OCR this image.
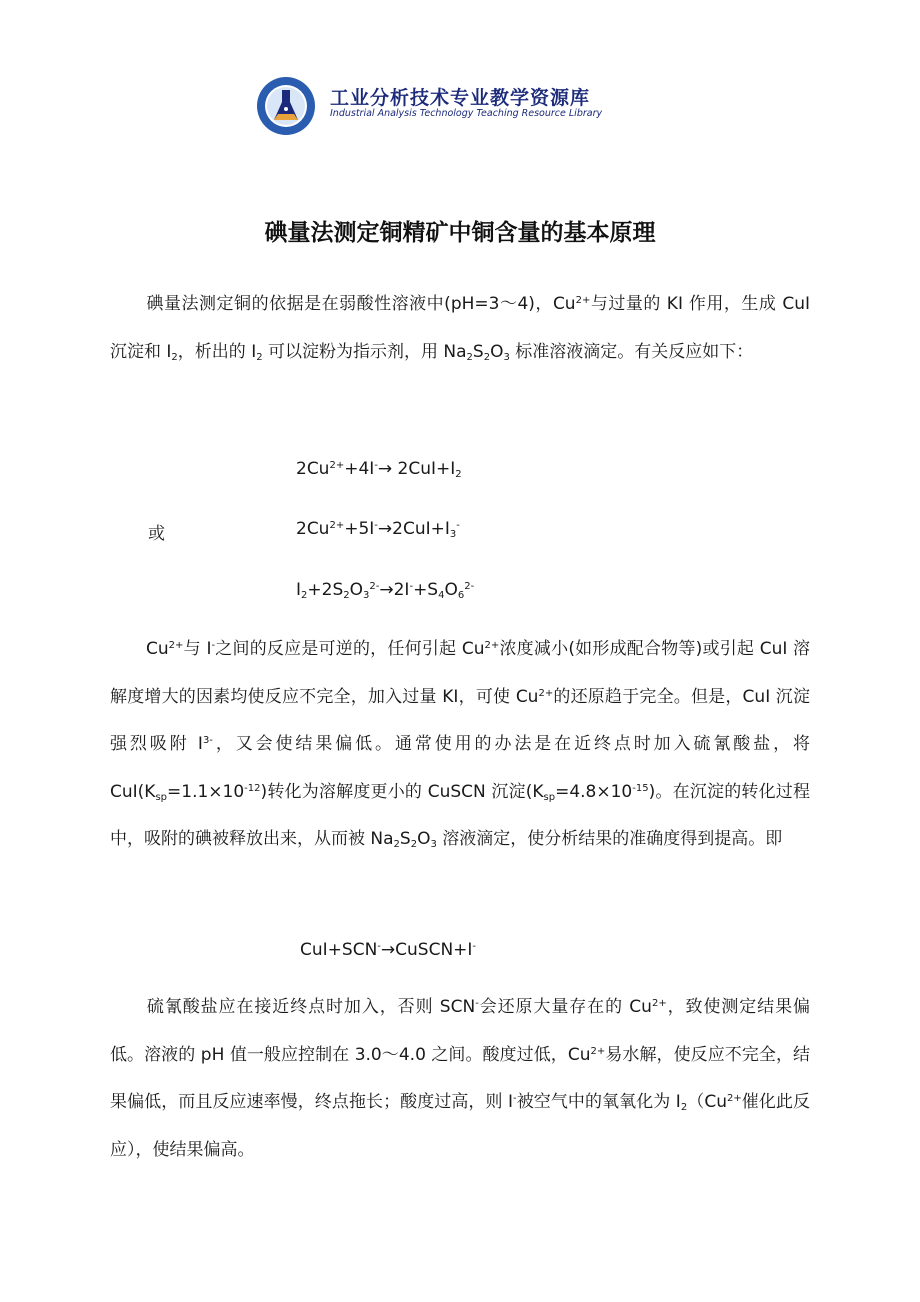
工业分析技术专业教学资源库
Industrial Analysis Technology Teaching Resource Library
碘量法测定铜精矿中铜含量的基本原理
碘量法测定铜的依据是在弱酸性溶液中(pH=3～4)，$Cu^{2+}$与过量的 KI 作用，生成 CuI 沉淀和 $I_2$，析出的 $I_2$ 可以淀粉为指示剂，用 $Na_2S_2O_3$ 标准溶液滴定。有关反应如下：
$2Cu^{2+}+4I^-\to 2CuI+I_2$
或	$2Cu^{2+}+5I^-\to 2CuI+I_3^-$
$I_2+2S_2O_3^{2-}\to 2I^-+S_4O_6^{2-}$
$Cu^{2+}$与 I-之间的反应是可逆的，任何引起 $Cu^{2+}$浓度减小(如形成配合物等)或引起 CuI 溶解度增大的因素均使反应不完全，加入过量 KI，可使 $Cu^{2+}$的还原趋于完全。但是，CuI 沉淀强烈吸附 $I^{3-}$，又会使结果偏低。通常使用的办法是在近终点时加入硫氰酸盐，将 $CuI(K_{sp}=1.1\times 10^{-12})$转化为溶解度更小的 CuSCN 沉淀$(K_{sp}=4.8\times 10^{-15})$。在沉淀的转化过程中，吸附的碘被释放出来，从而被 $Na_2S_2O_3$ 溶液滴定，使分析结果的准确度得到提高。即
CuI+SCN-→CuSCN+I-
硫氰酸盐应在接近终点时加入，否则 SCN-会还原大量存在的 $Cu^{2+}$，致使测定结果偏低。溶液的 pH 值一般应控制在 3.0～4.0 之间。酸度过低，$Cu^{2+}$易水解，使反应不完全，结果偏低，而且反应速率慢，终点拖长；酸度过高，则 I-被空气中的氧氧化为 $I_2(Cu^{2+}$催化此反应），使结果偏高。
